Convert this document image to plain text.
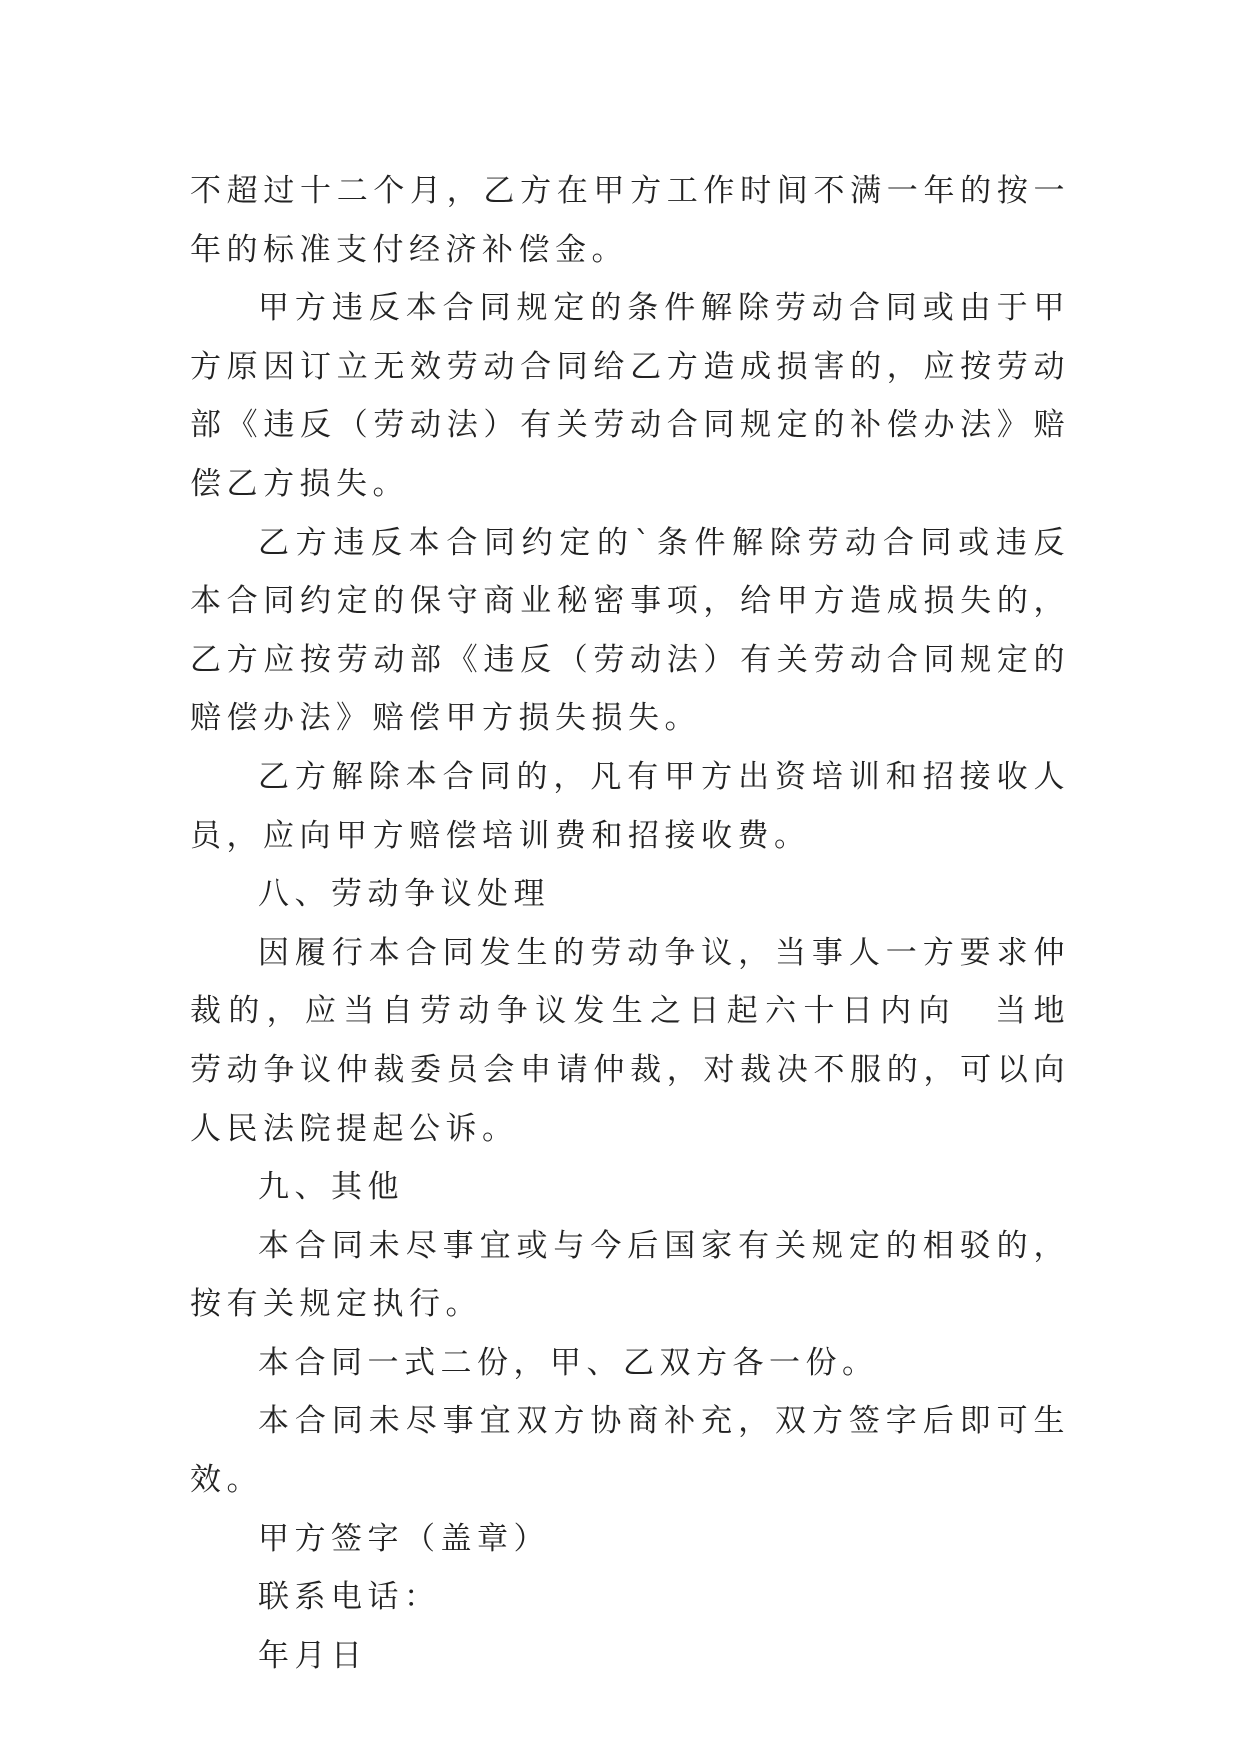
不超过十二个月，乙方在甲方工作时间不满一年的按一年的标准支付经济补偿金。

甲方违反本合同规定的条件解除劳动合同或由于甲方原因订立无效劳动合同给乙方造成损害的，应按劳动部《违反（劳动法）有关劳动合同规定的补偿办法》赔偿乙方损失。

乙方违反本合同约定的`条件解除劳动合同或违反本合同约定的保守商业秘密事项，给甲方造成损失的，乙方应按劳动部《违反（劳动法）有关劳动合同规定的赔偿办法》赔偿甲方损失损失。

乙方解除本合同的，凡有甲方出资培训和招接收人员，应向甲方赔偿培训费和招接收费。

八、劳动争议处理

因履行本合同发生的劳动争议，当事人一方要求仲裁的，应当自劳动争议发生之日起六十日内向　当地　劳动争议仲裁委员会申请仲裁，对裁决不服的，可以向人民法院提起公诉。

九、其他

本合同未尽事宜或与今后国家有关规定的相驳的，按有关规定执行。

本合同一式二份，甲、乙双方各一份。

本合同未尽事宜双方协商补充，双方签字后即可生效。

甲方签字（盖章）

联系电话：

年月日
